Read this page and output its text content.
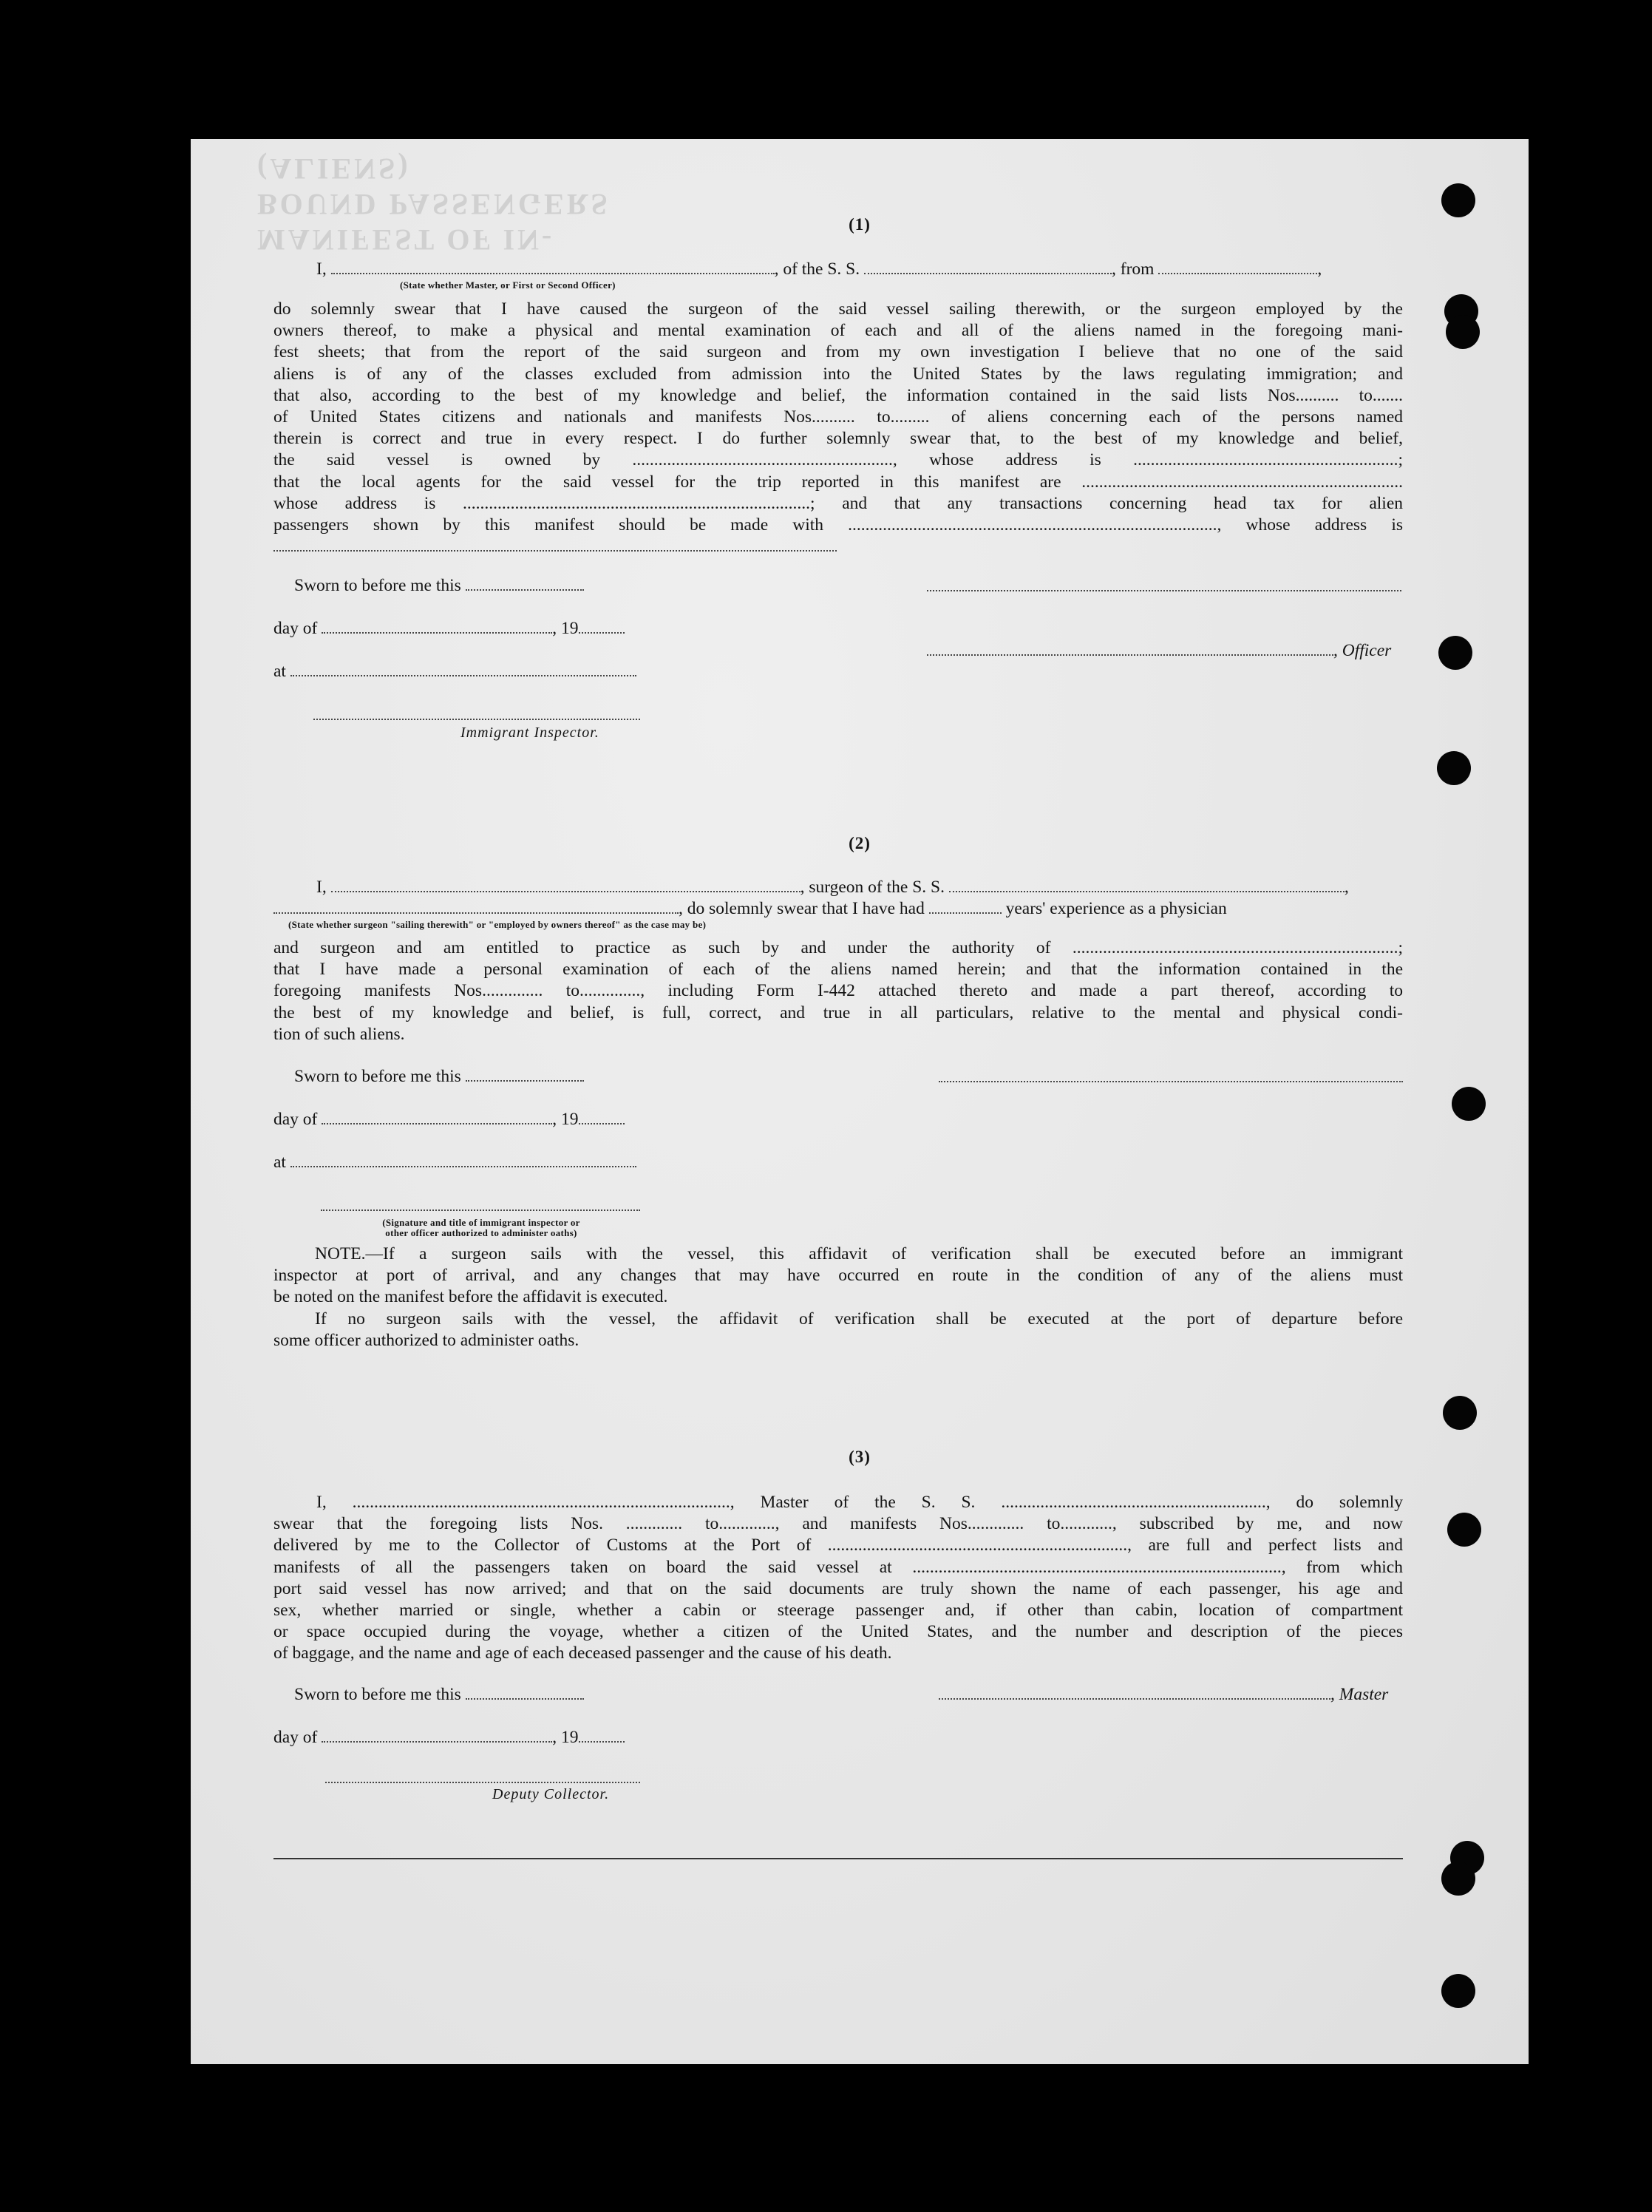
MANIFEST OF IN-BOUND PASSENGERS (ALIENS)
(1)
I,	, of the S. S.	, from	,
(State whether Master, or First or Second Officer)
do solemnly swear that I have caused the surgeon of the said vessel sailing therewith, or the surgeon employed by the
owners thereof, to make a physical and mental examination of each and all of the aliens named in the foregoing mani-
fest sheets; that from the report of the said surgeon and from my own investigation I believe that no one of the said
aliens is of any of the classes excluded from admission into the United States by the laws regulating immigration; and
that also, according to the best of my knowledge and belief, the information contained in the said lists Nos.......... to.......
of United States citizens and nationals and manifests Nos.......... to......... of aliens concerning each of the persons named
therein is correct and true in every respect. I do further solemnly swear that, to the best of my knowledge and belief,
the said vessel is owned by ............................................................, whose address is .............................................................;
that the local agents for the said vessel for the trip reported in this manifest are ..........................................................................
whose address is ................................................................................; and that any transactions concerning head tax for alien
passengers shown by this manifest should be made with ....................................................................................., whose address is
Sworn to before me this
day of	, 19
, Officer
at
Immigrant Inspector.
(2)
I,	, surgeon of the S. S.	,
, do solemnly swear that I have had	years' experience as a physician
(State whether surgeon "sailing therewith" or "employed by owners thereof" as the case may be)
and surgeon and am entitled to practice as such by and under the authority of ...........................................................................;
that I have made a personal examination of each of the aliens named herein; and that the information contained in the
foregoing manifests Nos.............. to.............., including Form I-442 attached thereto and made a part thereof, according to
the best of my knowledge and belief, is full, correct, and true in all particulars, relative to the mental and physical condi-
tion of such aliens.
Sworn to before me this
day of	, 19
at
(Signature and title of immigrant inspector or
other officer authorized to administer oaths)
NOTE.—If a surgeon sails with the vessel, this affidavit of verification shall be executed before an immigrant
inspector at port of arrival, and any changes that may have occurred en route in the condition of any of the aliens must
be noted on the manifest before the affidavit is executed.
If no surgeon sails with the vessel, the affidavit of verification shall be executed at the port of departure before
some officer authorized to administer oaths.
(3)
I, ......................................................................................., Master of the S. S. ............................................................., do solemnly
swear that the foregoing lists Nos. ............. to............., and manifests Nos............. to............, subscribed by me, and now
delivered by me to the Collector of Customs at the Port of ....................................................................., are full and perfect lists and
manifests of all the passengers taken on board the said vessel at ....................................................................................., from which
port said vessel has now arrived; and that on the said documents are truly shown the name of each passenger, his age and
sex, whether married or single, whether a cabin or steerage passenger and, if other than cabin, location of compartment
or space occupied during the voyage, whether a citizen of the United States, and the number and description of the pieces
of baggage, and the name and age of each deceased passenger and the cause of his death.
Sworn to before me this	, Master
day of	, 19
Deputy Collector.
